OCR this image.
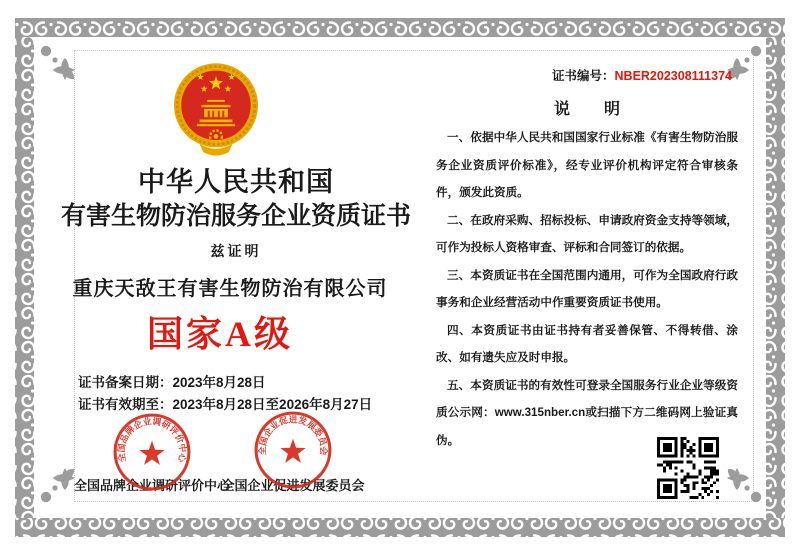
中华人民共和国
有害生物防治服务企业资质证书
兹证明
重庆天敌王有害生物防治有限公司
国家A级
证书备案日期：2023年8月28日
证书有效期至：2023年8月28日至2026年8月27日
全国品牌企业调研评价中心
全国企业促进发展委员会
全国品牌企业调研评价中心
全国企业促进发展委员会
证书编号：NBER202308111374
说明

一、依据中华人民共和国国家行业标准《有害生物防治服务企业资质评价标准》，经专业评价机构评定符合审核条件，颁发此资质。

二、在政府采购、招标投标、申请政府资金支持等领域，可作为投标人资格审查、评标和合同签订的依据。

三、本资质证书在全国范围内通用，可作为全国政府行政事务和企业经营活动中作重要资质证书使用。

四、本资质证书由证书持有者妥善保管、不得转借、涂改、如有遗失应及时申报。

五、本资质证书的有效性可登录全国服务行业企业等级资质公示网：www.315nber.cn或扫描下方二维码网上验证真伪。
